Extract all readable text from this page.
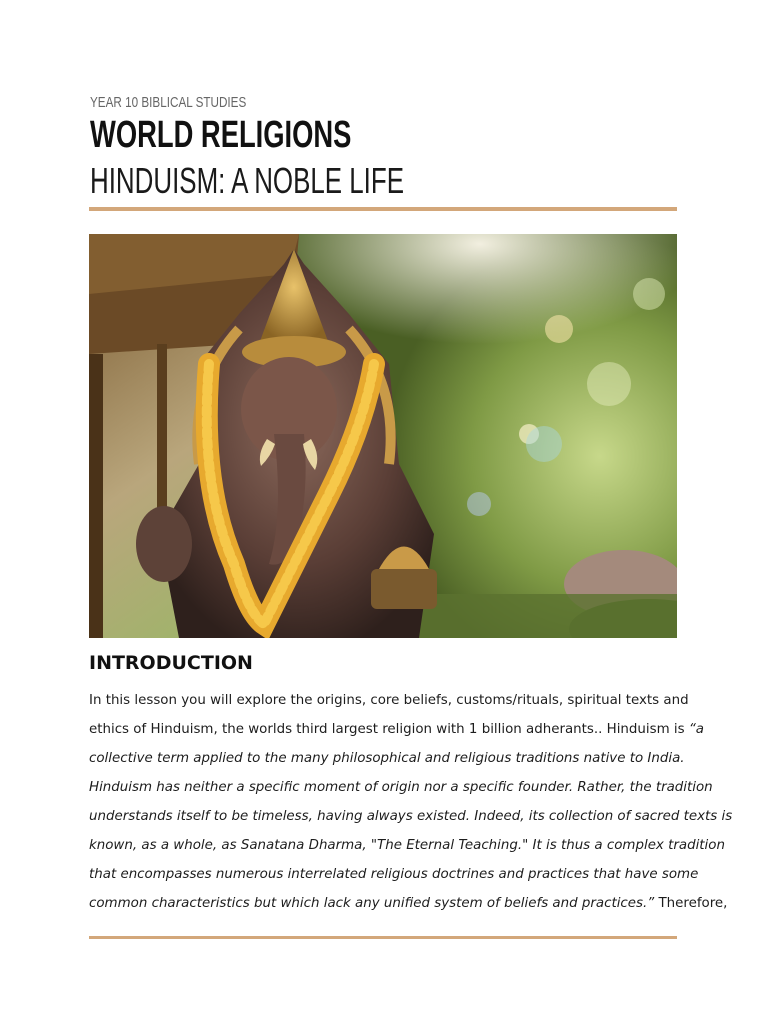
YEAR 10 BIBLICAL STUDIES
WORLD RELIGIONS
HINDUISM: A NOBLE LIFE
INTRODUCTION

In this lesson you will explore the origins, core beliefs, customs/rituals, spiritual texts and

ethics of Hinduism, the worlds third largest religion with 1 billion adherants.. Hinduism is “a

collective term applied to the many philosophical and religious traditions native to India.

Hinduism has neither a specific moment of origin nor a specific founder. Rather, the tradition

understands itself to be timeless, having always existed. Indeed, its collection of sacred texts is

known, as a whole, as Sanatana Dharma, "The Eternal Teaching." It is thus a complex tradition

that encompasses numerous interrelated religious doctrines and practices that have some

common characteristics but which lack any unified system of beliefs and practices.” Therefore,
